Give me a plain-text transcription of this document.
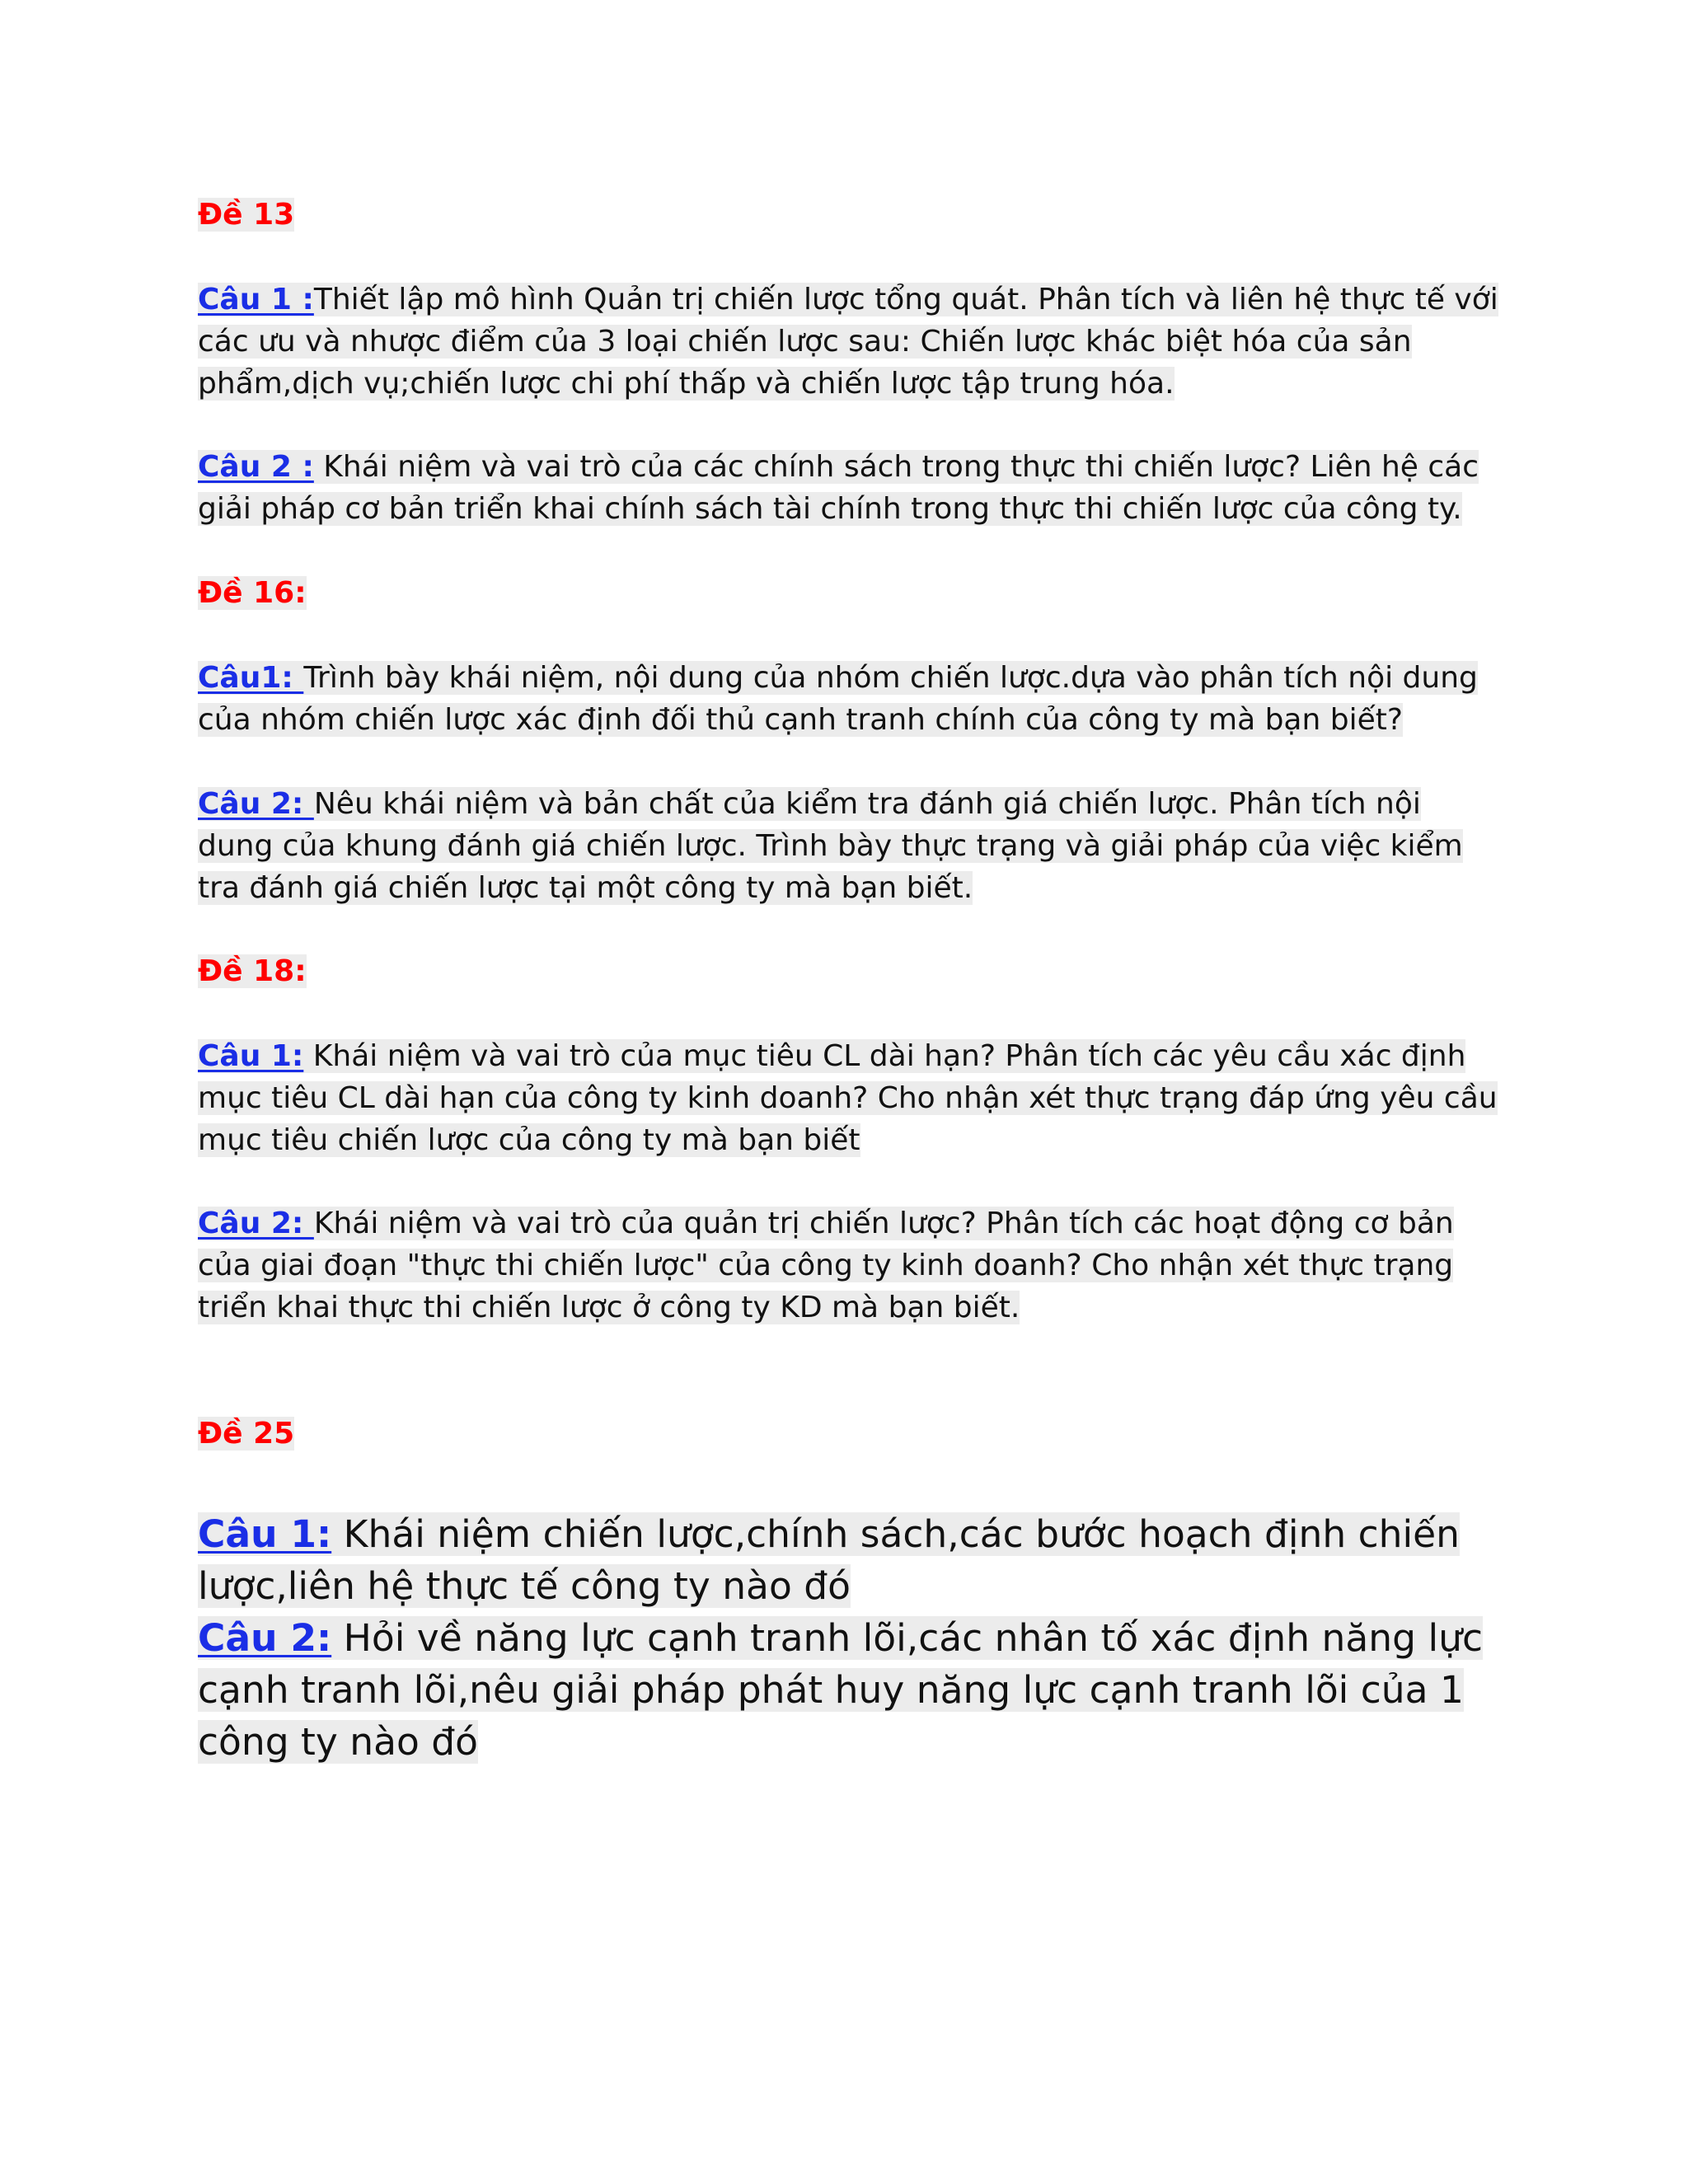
Đề 13

Câu 1 :Thiết lập mô hình Quản trị chiến lược tổng quát. Phân tích và liên hệ thực tế với các ưu và nhược điểm của 3 loại chiến lược sau: Chiến lược khác biệt hóa của sản phẩm,dịch vụ;chiến lược chi phí thấp và chiến lược tập trung hóa.

Câu 2 : Khái niệm và vai trò của các chính sách trong thực thi chiến lược? Liên hệ các giải pháp cơ bản triển khai chính sách tài chính trong thực thi chiến lược của công ty.

Đề 16:

Câu1: Trình bày khái niệm, nội dung của nhóm chiến lược.dựa vào phân tích nội dung của nhóm chiến lược xác định đối thủ cạnh tranh chính của công ty mà bạn biết?

Câu 2: Nêu khái niệm và bản chất của kiểm tra đánh giá chiến lược. Phân tích nội dung của khung đánh giá chiến lược. Trình bày thực trạng và giải pháp của việc kiểm tra đánh giá chiến lược tại một công ty mà bạn biết.

Đề 18:

Câu 1: Khái niệm và vai trò của mục tiêu CL dài hạn? Phân tích các yêu cầu xác định mục tiêu CL dài hạn của công ty kinh doanh? Cho nhận xét thực trạng đáp ứng yêu cầu mục tiêu chiến lược của công ty mà bạn biết

Câu 2: Khái niệm và vai trò của quản trị chiến lược? Phân tích các hoạt động cơ bản của giai đoạn "thực thi chiến lược" của công ty kinh doanh? Cho nhận xét thực trạng triển khai thực thi chiến lược ở công ty KD mà bạn biết.

Đề 25

Câu 1: Khái niệm chiến lược,chính sách,các bước hoạch định chiến lược,liên hệ thực tế công ty nào đó

Câu 2: Hỏi về năng lực cạnh tranh lõi,các nhân tố xác định năng lực cạnh tranh lõi,nêu giải pháp phát huy năng lực cạnh tranh lõi của 1 công ty nào đó
